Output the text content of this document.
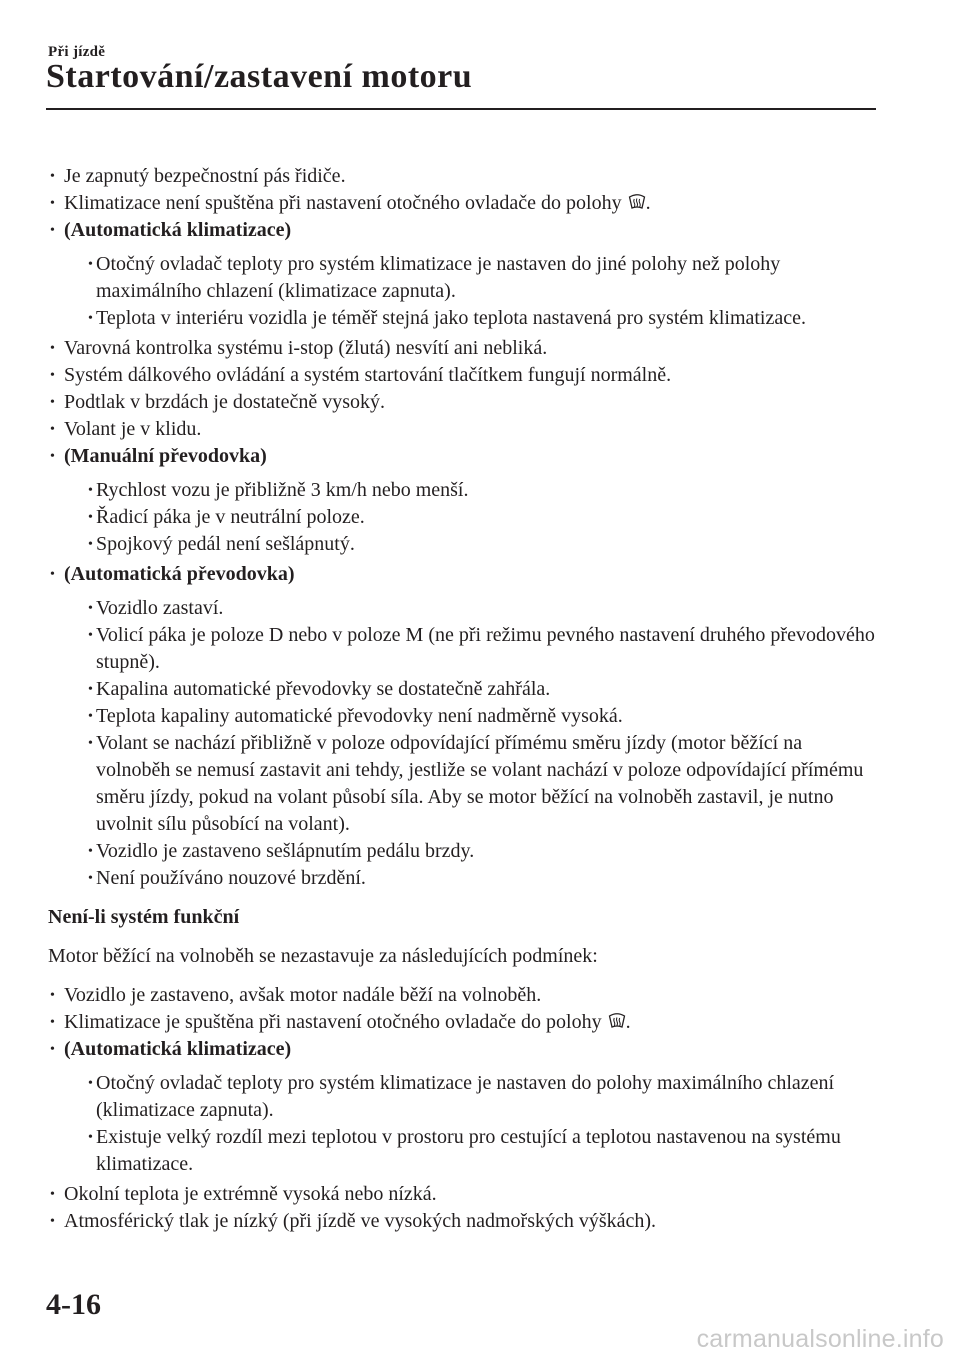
Při jízdě
Startování/zastavení motoru
• Je zapnutý bezpečnostní pás řidiče.
• Klimatizace není spuštěna při nastavení otočného ovladače do polohy .
• (Automatická klimatizace)
• Otočný ovladač teploty pro systém klimatizace je nastaven do jiné polohy než polohy maximálního chlazení (klimatizace zapnuta).
• Teplota v interiéru vozidla je téměř stejná jako teplota nastavená pro systém klimatizace.
• Varovná kontrolka systému i-stop (žlutá) nesvítí ani nebliká.
• Systém dálkového ovládání a systém startování tlačítkem fungují normálně.
• Podtlak v brzdách je dostatečně vysoký.
• Volant je v klidu.
• (Manuální převodovka)
• Rychlost vozu je přibližně 3 km/h nebo menší.
• Řadicí páka je v neutrální poloze.
• Spojkový pedál není sešlápnutý.
• (Automatická převodovka)
• Vozidlo zastaví.
• Volicí páka je poloze D nebo v poloze M (ne při režimu pevného nastavení druhého převodového stupně).
• Kapalina automatické převodovky se dostatečně zahřála.
• Teplota kapaliny automatické převodovky není nadměrně vysoká.
• Volant se nachází přibližně v poloze odpovídající přímému směru jízdy (motor běžící na volnoběh se nemusí zastavit ani tehdy, jestliže se volant nachází v poloze odpovídající přímému směru jízdy, pokud na volant působí síla. Aby se motor běžící na volnoběh zastavil, je nutno uvolnit sílu působící na volant).
• Vozidlo je zastaveno sešlápnutím pedálu brzdy.
• Není používáno nouzové brzdění.

Není-li systém funkční

Motor běžící na volnoběh se nezastavuje za následujících podmínek:

• Vozidlo je zastaveno, avšak motor nadále běží na volnoběh.
• Klimatizace je spuštěna při nastavení otočného ovladače do polohy .
• (Automatická klimatizace)
• Otočný ovladač teploty pro systém klimatizace je nastaven do polohy maximálního chlazení (klimatizace zapnuta).
• Existuje velký rozdíl mezi teplotou v prostoru pro cestující a teplotou nastavenou na systému klimatizace.
• Okolní teplota je extrémně vysoká nebo nízká.
• Atmosférický tlak je nízký (při jízdě ve vysokých nadmořských výškách).
4-16
carmanualsonline.info
